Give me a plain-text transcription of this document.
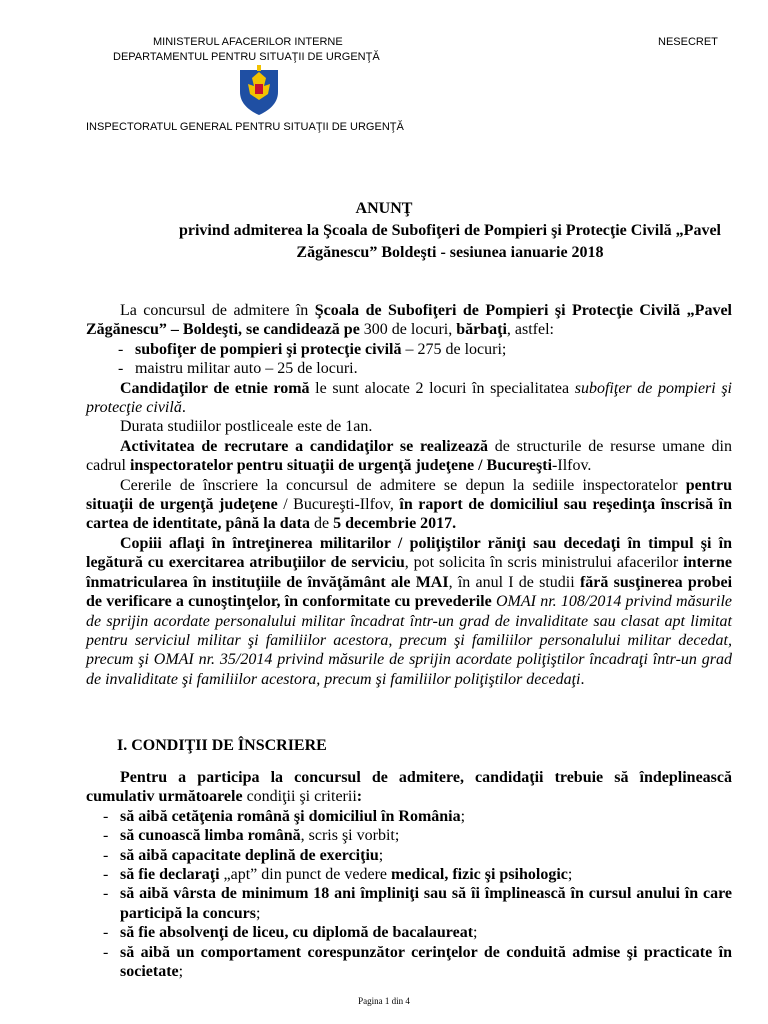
MINISTERUL AFACERILOR INTERNE
DEPARTAMENTUL PENTRU SITUAŢII DE URGENŢĂ
NESECRET
INSPECTORATUL GENERAL PENTRU SITUAŢII DE URGENŢĂ
ANUNŢ
privind admiterea la Şcoala de Subofiţeri de Pompieri şi Protecţie Civilă „Pavel Zăgănescu” Boldeşti - sesiunea ianuarie 2018

La concursul de admitere în Şcoala de Subofiţeri de Pompieri şi Protecţie Civilă „Pavel Zăgănescu” – Boldeşti, se candidează pe 300 de locuri, bărbaţi, astfel:

- subofiţer de pompieri şi protecţie civilă – 275 de locuri;
- maistru militar auto – 25 de locuri.

Candidaţilor de etnie romă le sunt alocate 2 locuri în specialitatea subofiţer de pompieri şi protecţie civilă.

Durata studiilor postliceale este de 1an.

Activitatea de recrutare a candidaţilor se realizează de structurile de resurse umane din cadrul inspectoratelor pentru situaţii de urgenţă judeţene / Bucureşti-Ilfov.

Cererile de înscriere la concursul de admitere se depun la sediile inspectoratelor pentru situaţii de urgenţă judeţene / Bucureşti-Ilfov, în raport de domiciliul sau reşedinţa înscrisă în cartea de identitate, până la data de 5 decembrie 2017.

Copiii aflaţi în întreţinerea militarilor / poliţiştilor răniţi sau decedaţi în timpul şi în legătură cu exercitarea atribuţiilor de serviciu, pot solicita în scris ministrului afacerilor interne înmatricularea în instituţiile de învăţământ ale MAI, în anul I de studii fără susţinerea probei de verificare a cunoştinţelor, în conformitate cu prevederile OMAI nr. 108/2014 privind măsurile de sprijin acordate personalului militar încadrat într-un grad de invaliditate sau clasat apt limitat pentru serviciul militar şi familiilor acestora, precum şi familiilor personalului militar decedat, precum şi OMAI nr. 35/2014 privind măsurile de sprijin acordate poliţiştilor încadraţi într-un grad de invaliditate şi familiilor acestora, precum şi familiilor poliţiştilor decedaţi.

I. CONDIŢII DE ÎNSCRIERE

Pentru a participa la concursul de admitere, candidaţii trebuie să îndeplinească cumulativ următoarele condiţii şi criterii:

- să aibă cetăţenia română şi domiciliul în România;
- să cunoască limba română, scris şi vorbit;
- să aibă capacitate deplină de exerciţiu;
- să fie declaraţi „apt” din punct de vedere medical, fizic şi psihologic;
- să aibă vârsta de minimum 18 ani împliniţi sau să îi împlinească în cursul anului în care participă la concurs;
- să fie absolvenţi de liceu, cu diplomă de bacalaureat;
- să aibă un comportament corespunzător cerinţelor de conduită admise şi practicate în societate;
Pagina 1 din 4
